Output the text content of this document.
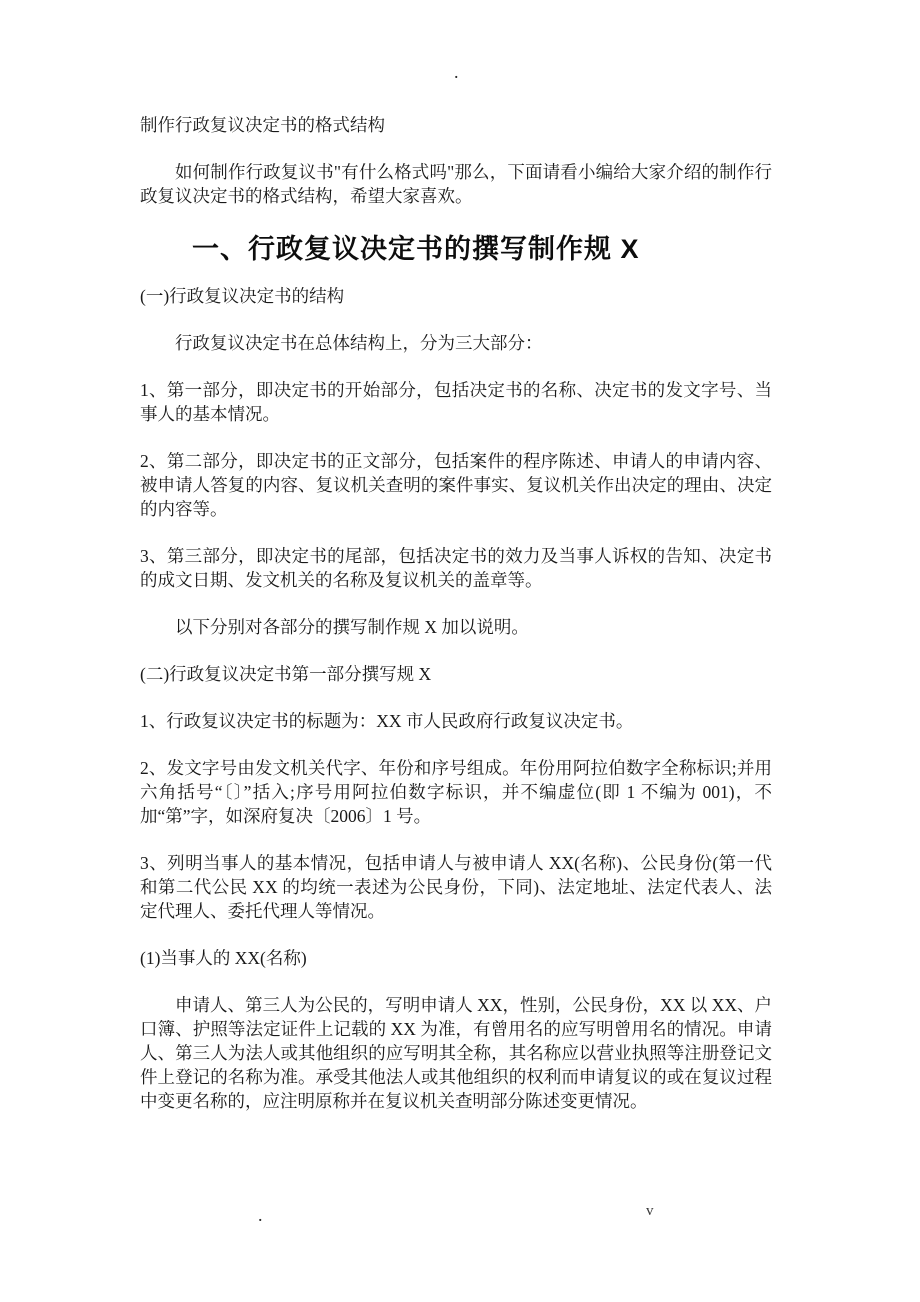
.

制作行政复议决定书的格式结构

如何制作行政复议书"有什么格式吗"那么，下面请看小编给大家介绍的制作行政复议决定书的格式结构，希望大家喜欢。

一、行政复议决定书的撰写制作规 X

(一)行政复议决定书的结构

行政复议决定书在总体结构上，分为三大部分：

1、第一部分，即决定书的开始部分，包括决定书的名称、决定书的发文字号、当事人的基本情况。

2、第二部分，即决定书的正文部分，包括案件的程序陈述、申请人的申请内容、被申请人答复的内容、复议机关查明的案件事实、复议机关作出决定的理由、决定的内容等。

3、第三部分，即决定书的尾部，包括决定书的效力及当事人诉权的告知、决定书的成文日期、发文机关的名称及复议机关的盖章等。

以下分别对各部分的撰写制作规 X 加以说明。

(二)行政复议决定书第一部分撰写规 X

1、行政复议决定书的标题为：XX 市人民政府行政复议决定书。

2、发文字号由发文机关代字、年份和序号组成。年份用阿拉伯数字全称标识;并用六角括号“〔〕”括入;序号用阿拉伯数字标识，并不编虚位(即 1 不编为 001)，不加“第”字，如深府复决〔2006〕1 号。

3、列明当事人的基本情况，包括申请人与被申请人 XX(名称)、公民身份(第一代和第二代公民 XX 的均统一表述为公民身份，下同)、法定地址、法定代表人、法定代理人、委托代理人等情况。

(1)当事人的 XX(名称)

申请人、第三人为公民的，写明申请人 XX，性别，公民身份，XX 以 XX、户口簿、护照等法定证件上记载的 XX 为准，有曾用名的应写明曾用名的情况。申请人、第三人为法人或其他组织的应写明其全称，其名称应以营业执照等注册登记文件上登记的名称为准。承受其他法人或其他组织的权利而申请复议的或在复议过程中变更名称的，应注明原称并在复议机关查明部分陈述变更情况。

.	v
